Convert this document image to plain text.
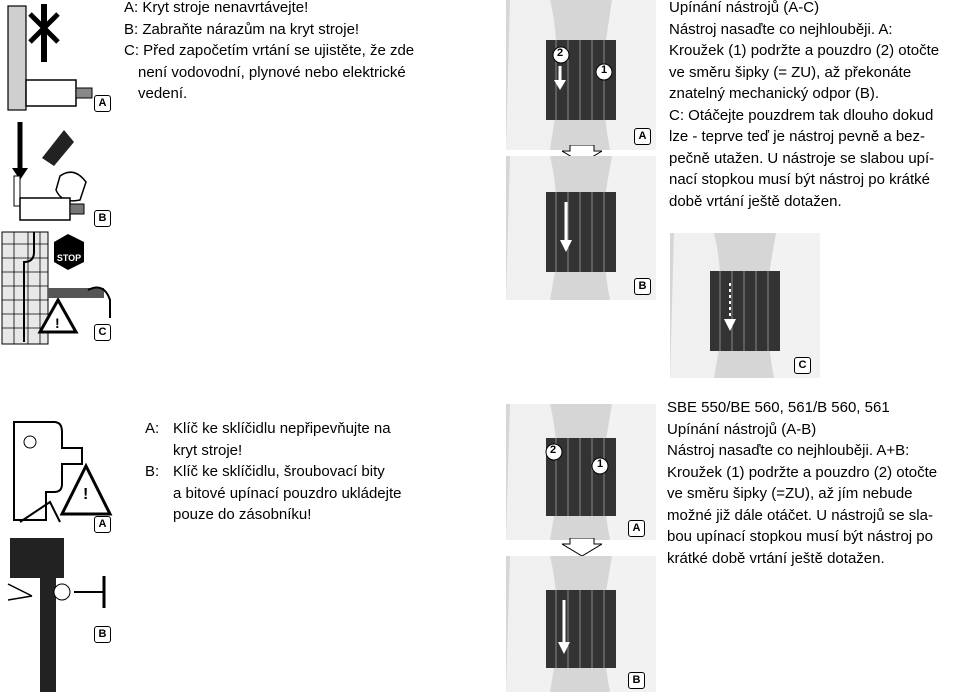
A
B
STOP
!
C
A: Kryt stroje nenavrtávejte!
B: Zabraňte nárazům na kryt stroje!
C: Před započetím vrtání se ujistěte, že zde
není vodovodní, plynové nebo elektrické
vedení.
2
1
A
B
Upínání nástrojů (A-C)
Nástroj nasaďte co nejhlouběji. A:
Kroužek (1) podržte a pouzdro (2) otočte
ve směru šipky (= ZU), až překonáte
znatelný mechanický odpor (B).
C: Otáčejte pouzdrem tak dlouho dokud
lze - teprve teď je nástroj pevně a bez-
pečně utažen. U nástroje se slabou upí-
nací stopkou musí být nástroj po krátké
době vrtání ještě dotažen.
C
!
A
B
A: Klíč ke sklíčidlu nepřipevňujte na
kryt stroje!
B: Klíč ke sklíčidlu, šroubovací bity
a bitové upínací pouzdro ukládejte
pouze do zásobníku!
2
1
A
B
SBE 550/BE 560, 561/B 560, 561
Upínání nástrojů (A-B)
Nástroj nasaďte co nejhlouběji. A+B:
Kroužek (1) podržte a pouzdro (2) otočte
ve směru šipky (=ZU), až jím nebude
možné již dále otáčet. U nástrojů se sla-
bou upínací stopkou musí být nástroj po
krátké době vrtání ještě dotažen.
